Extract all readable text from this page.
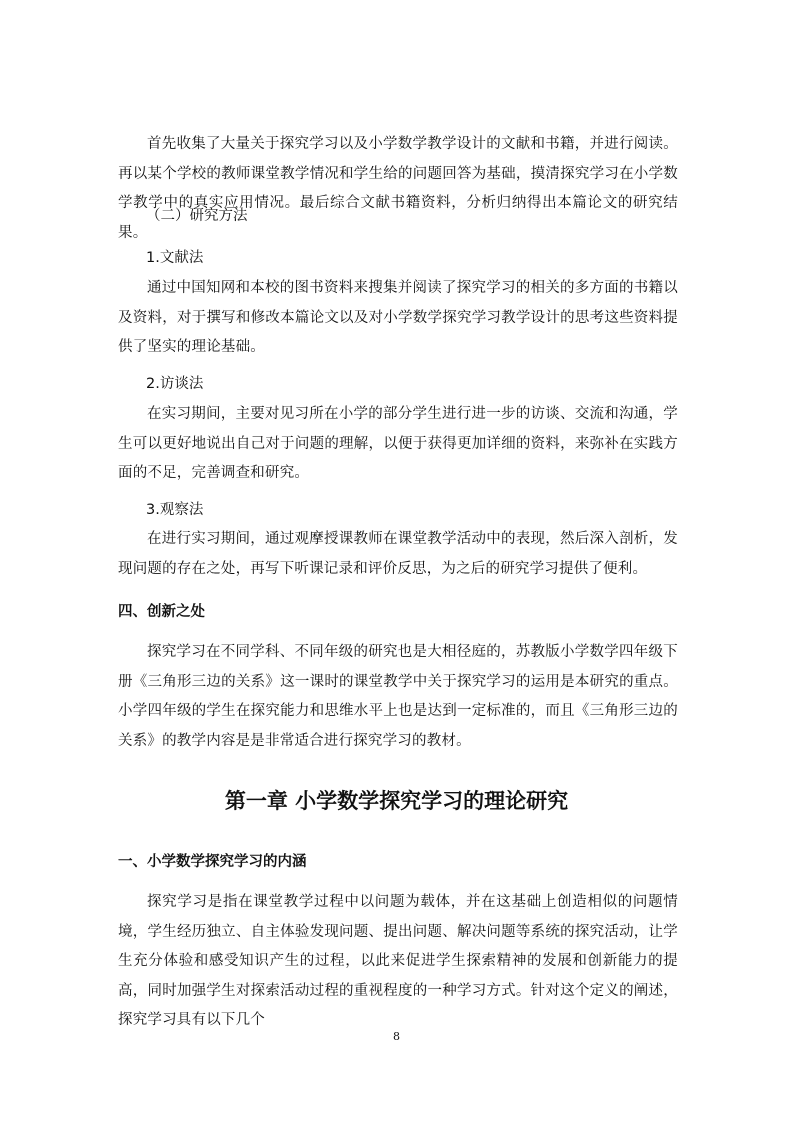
首先收集了大量关于探究学习以及小学数学教学设计的文献和书籍，并进行阅读。再以某个学校的教师课堂教学情况和学生给的问题回答为基础，摸清探究学习在小学数学教学中的真实应用情况。最后综合文献书籍资料，分析归纳得出本篇论文的研究结果。

（二）研究方法

1.文献法

通过中国知网和本校的图书资料来搜集并阅读了探究学习的相关的多方面的书籍以及资料，对于撰写和修改本篇论文以及对小学数学探究学习教学设计的思考这些资料提供了坚实的理论基础。

2.访谈法

在实习期间，主要对见习所在小学的部分学生进行进一步的访谈、交流和沟通，学生可以更好地说出自己对于问题的理解，以便于获得更加详细的资料，来弥补在实践方面的不足，完善调查和研究。

3.观察法

在进行实习期间，通过观摩授课教师在课堂教学活动中的表现，然后深入剖析，发现问题的存在之处，再写下听课记录和评价反思，为之后的研究学习提供了便利。

四、创新之处

探究学习在不同学科、不同年级的研究也是大相径庭的，苏教版小学数学四年级下册《三角形三边的关系》这一课时的课堂教学中关于探究学习的运用是本研究的重点。小学四年级的学生在探究能力和思维水平上也是达到一定标准的，而且《三角形三边的关系》的教学内容是是非常适合进行探究学习的教材。

第一章 小学数学探究学习的理论研究

一、小学数学探究学习的内涵

探究学习是指在课堂教学过程中以问题为载体，并在这基础上创造相似的问题情境，学生经历独立、自主体验发现问题、提出问题、解决问题等系统的探究活动，让学生充分体验和感受知识产生的过程，以此来促进学生探索精神的发展和创新能力的提高，同时加强学生对探索活动过程的重视程度的一种学习方式。针对这个定义的阐述，探究学习具有以下几个

8
